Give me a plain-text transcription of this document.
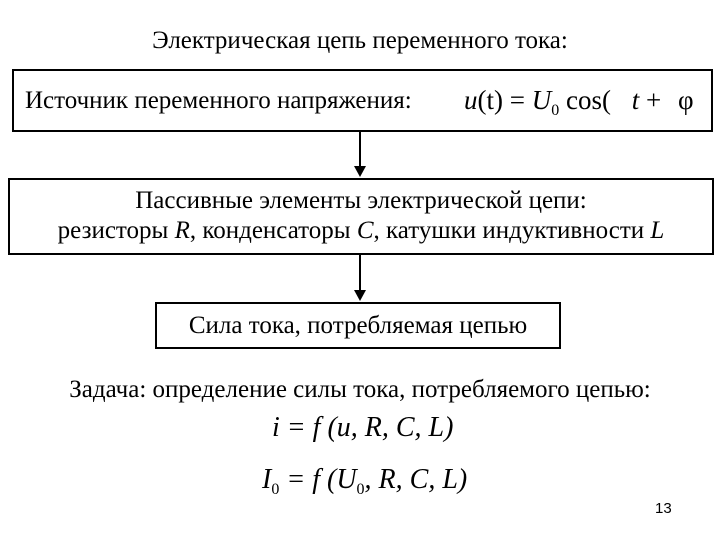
Электрическая цепь переменного тока:
Источник переменного напряжения: $u(t) = U_0$ cos( t + φ
Пассивные элементы электрической цепи:
резисторы R, конденсаторы C, катушки индуктивности L
Сила тока, потребляемая цепью
Задача: определение силы тока, потребляемого цепью:
i = f (u, R, C, L)
$I_0 = f$ ($U_0$, R, C, L)
13
